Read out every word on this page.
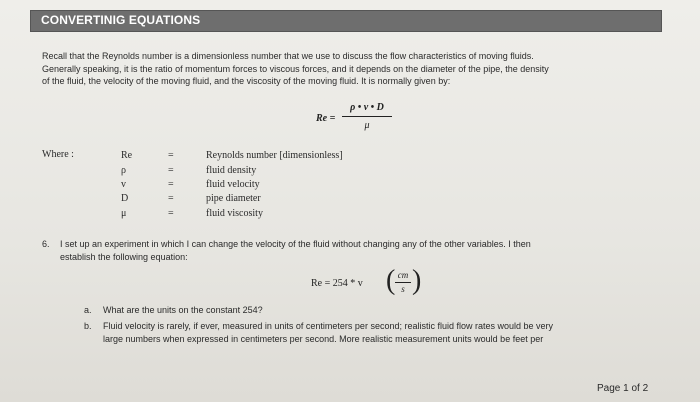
CONVERTINIG EQUATIONS

Recall that the Reynolds number is a dimensionless number that we use to discuss the flow characteristics of moving fluids.

Generally speaking, it is the ratio of momentum forces to viscous forces, and it depends on the diameter of the pipe, the density

of the fluid, the velocity of the moving fluid, and the viscosity of the moving fluid. It is normally given by:

Re =
ρ • v • D
μ
Where :	Re	=	Reynolds number [dimensionless]
ρ	=	fluid density
v	=	fluid velocity
D	=	pipe diameter
μ	=	fluid viscosity
6. I set up an experiment in which I can change the velocity of the fluid without changing any of the other variables. I then
establish the following equation:
Re = 254 * v ( cm
s )
a. What are the units on the constant 254?
b. Fluid velocity is rarely, if ever, measured in units of centimeters per second; realistic fluid flow rates would be very
large numbers when expressed in centimeters per second. More realistic measurement units would be feet per
Page 1 of 2
